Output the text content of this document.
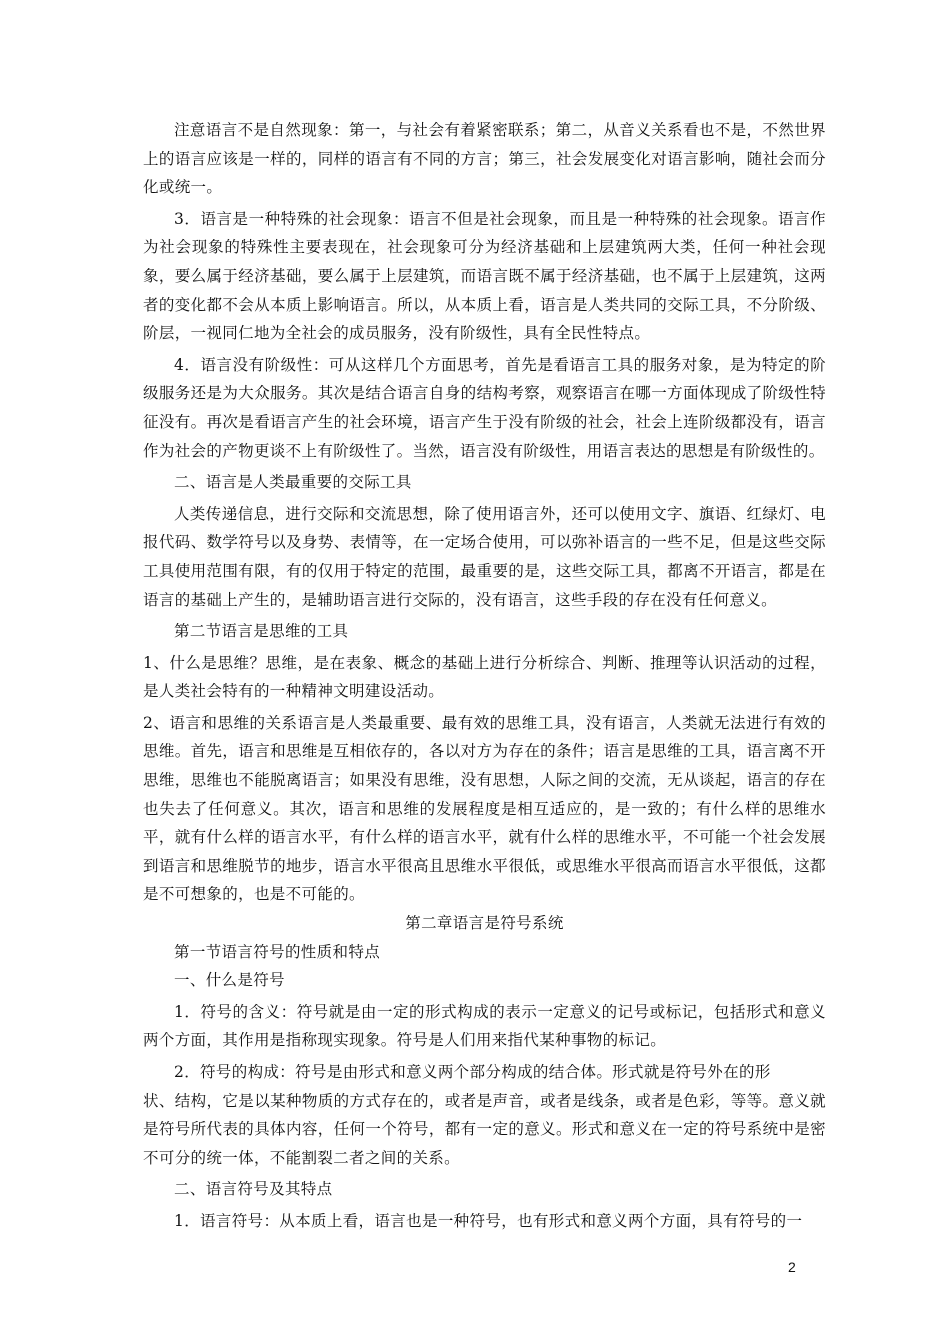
注意语言不是自然现象：第一，与社会有着紧密联系；第二，从音义关系看也不是，不然世界上的语言应该是一样的，同样的语言有不同的方言；第三，社会发展变化对语言影响，随社会而分化或统一。

3．语言是一种特殊的社会现象：语言不但是社会现象，而且是一种特殊的社会现象。语言作为社会现象的特殊性主要表现在，社会现象可分为经济基础和上层建筑两大类，任何一种社会现象，要么属于经济基础，要么属于上层建筑，而语言既不属于经济基础，也不属于上层建筑，这两者的变化都不会从本质上影响语言。所以，从本质上看，语言是人类共同的交际工具，不分阶级、阶层，一视同仁地为全社会的成员服务，没有阶级性，具有全民性特点。

4．语言没有阶级性：可从这样几个方面思考，首先是看语言工具的服务对象，是为特定的阶级服务还是为大众服务。其次是结合语言自身的结构考察，观察语言在哪一方面体现成了阶级性特征没有。再次是看语言产生的社会环境，语言产生于没有阶级的社会，社会上连阶级都没有，语言作为社会的产物更谈不上有阶级性了。当然，语言没有阶级性，用语言表达的思想是有阶级性的。

二、语言是人类最重要的交际工具

人类传递信息，进行交际和交流思想，除了使用语言外，还可以使用文字、旗语、红绿灯、电报代码、数学符号以及身势、表情等，在一定场合使用，可以弥补语言的一些不足，但是这些交际工具使用范围有限，有的仅用于特定的范围，最重要的是，这些交际工具，都离不开语言，都是在语言的基础上产生的，是辅助语言进行交际的，没有语言，这些手段的存在没有任何意义。

第二节语言是思维的工具

1、什么是思维？思维，是在表象、概念的基础上进行分析综合、判断、推理等认识活动的过程，是人类社会特有的一种精神文明建设活动。

2、语言和思维的关系语言是人类最重要、最有效的思维工具，没有语言，人类就无法进行有效的思维。首先，语言和思维是互相依存的，各以对方为存在的条件；语言是思维的工具，语言离不开思维，思维也不能脱离语言；如果没有思维，没有思想，人际之间的交流，无从谈起，语言的存在也失去了任何意义。其次，语言和思维的发展程度是相互适应的，是一致的；有什么样的思维水平，就有什么样的语言水平，有什么样的语言水平，就有什么样的思维水平，不可能一个社会发展到语言和思维脱节的地步，语言水平很高且思维水平很低，或思维水平很高而语言水平很低，这都是不可想象的，也是不可能的。

第二章语言是符号系统

第一节语言符号的性质和特点

一、什么是符号

1．符号的含义：符号就是由一定的形式构成的表示一定意义的记号或标记，包括形式和意义两个方面，其作用是指称现实现象。符号是人们用来指代某种事物的标记。

2．符号的构成：符号是由形式和意义两个部分构成的结合体。形式就是符号外在的形

状、结构，它是以某种物质的方式存在的，或者是声音，或者是线条，或者是色彩，等等。意义就是符号所代表的具体内容，任何一个符号，都有一定的意义。形式和意义在一定的符号系统中是密不可分的统一体，不能割裂二者之间的关系。

二、语言符号及其特点

1．语言符号：从本质上看，语言也是一种符号，也有形式和意义两个方面，具有符号的一

2
